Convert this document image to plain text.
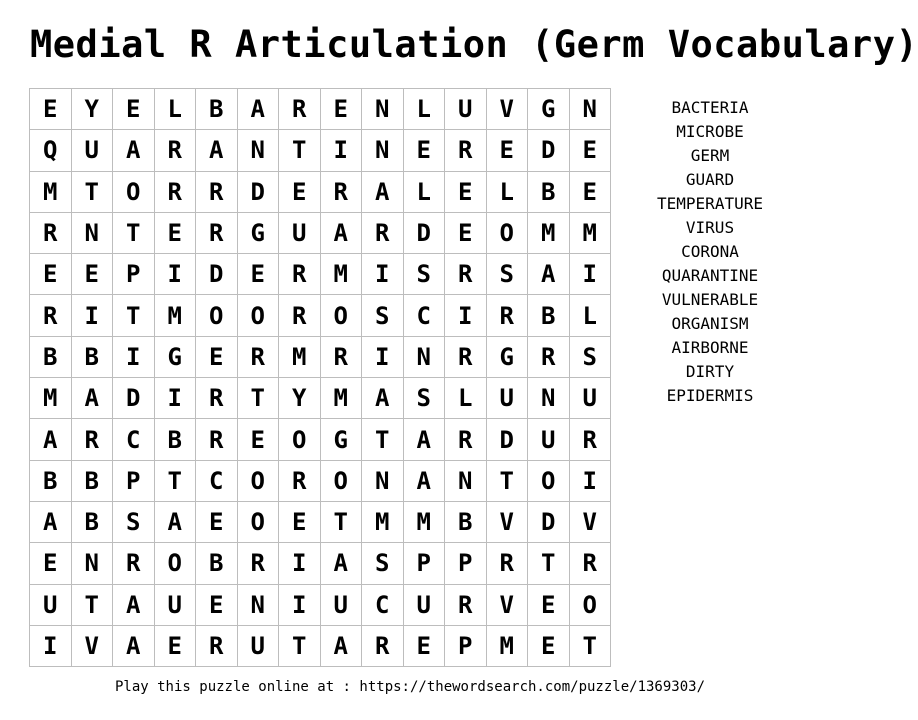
Medial R Articulation (Germ Vocabulary)
E	Y	E	L	B	A	R	E	N	L	U	V	G	N
Q	U	A	R	A	N	T	I	N	E	R	E	D	E
M	T	O	R	R	D	E	R	A	L	E	L	B	E
R	N	T	E	R	G	U	A	R	D	E	O	M	M
E	E	P	I	D	E	R	M	I	S	R	S	A	I
R	I	T	M	O	O	R	O	S	C	I	R	B	L
B	B	I	G	E	R	M	R	I	N	R	G	R	S
M	A	D	I	R	T	Y	M	A	S	L	U	N	U
A	R	C	B	R	E	O	G	T	A	R	D	U	R
B	B	P	T	C	O	R	O	N	A	N	T	O	I
A	B	S	A	E	O	E	T	M	M	B	V	D	V
E	N	R	O	B	R	I	A	S	P	P	R	T	R
U	T	A	U	E	N	I	U	C	U	R	V	E	O
I	V	A	E	R	U	T	A	R	E	P	M	E	T
BACTERIA
MICROBE
GERM
GUARD
TEMPERATURE
VIRUS
CORONA
QUARANTINE
VULNERABLE
ORGANISM
AIRBORNE
DIRTY
EPIDERMIS
Play this puzzle online at : https://thewordsearch.com/puzzle/1369303/
